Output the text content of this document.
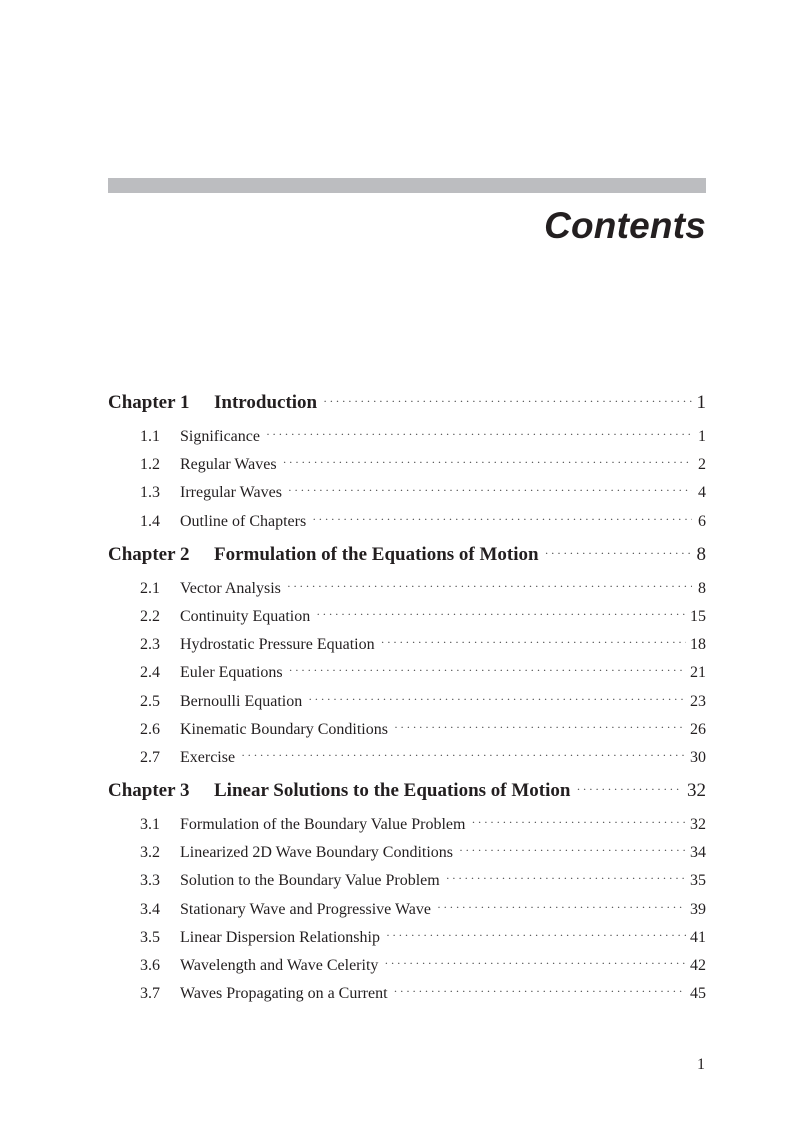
Contents
Chapter 1	Introduction ·····	1
1.1	Significance ·····	1
1.2	Regular Waves ·····	2
1.3	Irregular Waves ·····	4
1.4	Outline of Chapters ·····	6
Chapter 2	Formulation of the Equations of Motion ·····	8
2.1	Vector Analysis ·····	8
2.2	Continuity Equation ·····	15
2.3	Hydrostatic Pressure Equation ·····	18
2.4	Euler Equations ·····	21
2.5	Bernoulli Equation ·····	23
2.6	Kinematic Boundary Conditions ·····	26
2.7	Exercise ·····	30
Chapter 3	Linear Solutions to the Equations of Motion ·····	32
3.1	Formulation of the Boundary Value Problem ·····	32
3.2	Linearized 2D Wave Boundary Conditions ·····	34
3.3	Solution to the Boundary Value Problem ·····	35
3.4	Stationary Wave and Progressive Wave ·····	39
3.5	Linear Dispersion Relationship ·····	41
3.6	Wavelength and Wave Celerity ·····	42
3.7	Waves Propagating on a Current ·····	45
1
